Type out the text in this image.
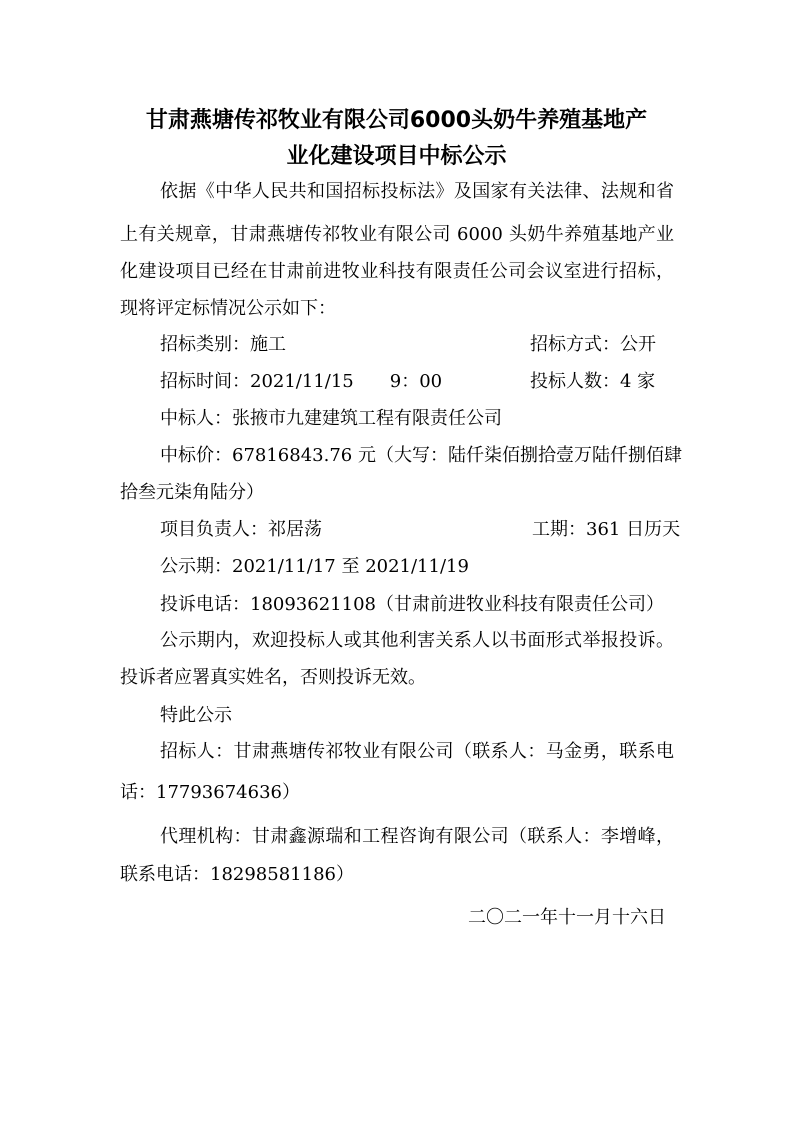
甘肃燕塘传祁牧业有限公司6000头奶牛养殖基地产
业化建设项目中标公示
依据《中华人民共和国招标投标法》及国家有关法律、法规和省
上有关规章，甘肃燕塘传祁牧业有限公司 6000 头奶牛养殖基地产业
化建设项目已经在甘肃前进牧业科技有限责任公司会议室进行招标，
现将评定标情况公示如下：
招标类别：施工	招标方式：公开
招标时间：2021/11/15　　9：00	投标人数：4 家
中标人：张掖市九建建筑工程有限责任公司
中标价：67816843.76 元（大写：陆仟柒佰捌拾壹万陆仟捌佰肆
拾叁元柒角陆分）
项目负责人：祁居荡	工期：361 日历天
公示期：2021/11/17 至 2021/11/19
投诉电话：18093621108（甘肃前进牧业科技有限责任公司）
公示期内，欢迎投标人或其他利害关系人以书面形式举报投诉。
投诉者应署真实姓名，否则投诉无效。
特此公示
招标人：甘肃燕塘传祁牧业有限公司（联系人：马金勇，联系电
话：17793674636）
代理机构：甘肃鑫源瑞和工程咨询有限公司（联系人：李增峰，
联系电话：18298581186）
二〇二一年十一月十六日
